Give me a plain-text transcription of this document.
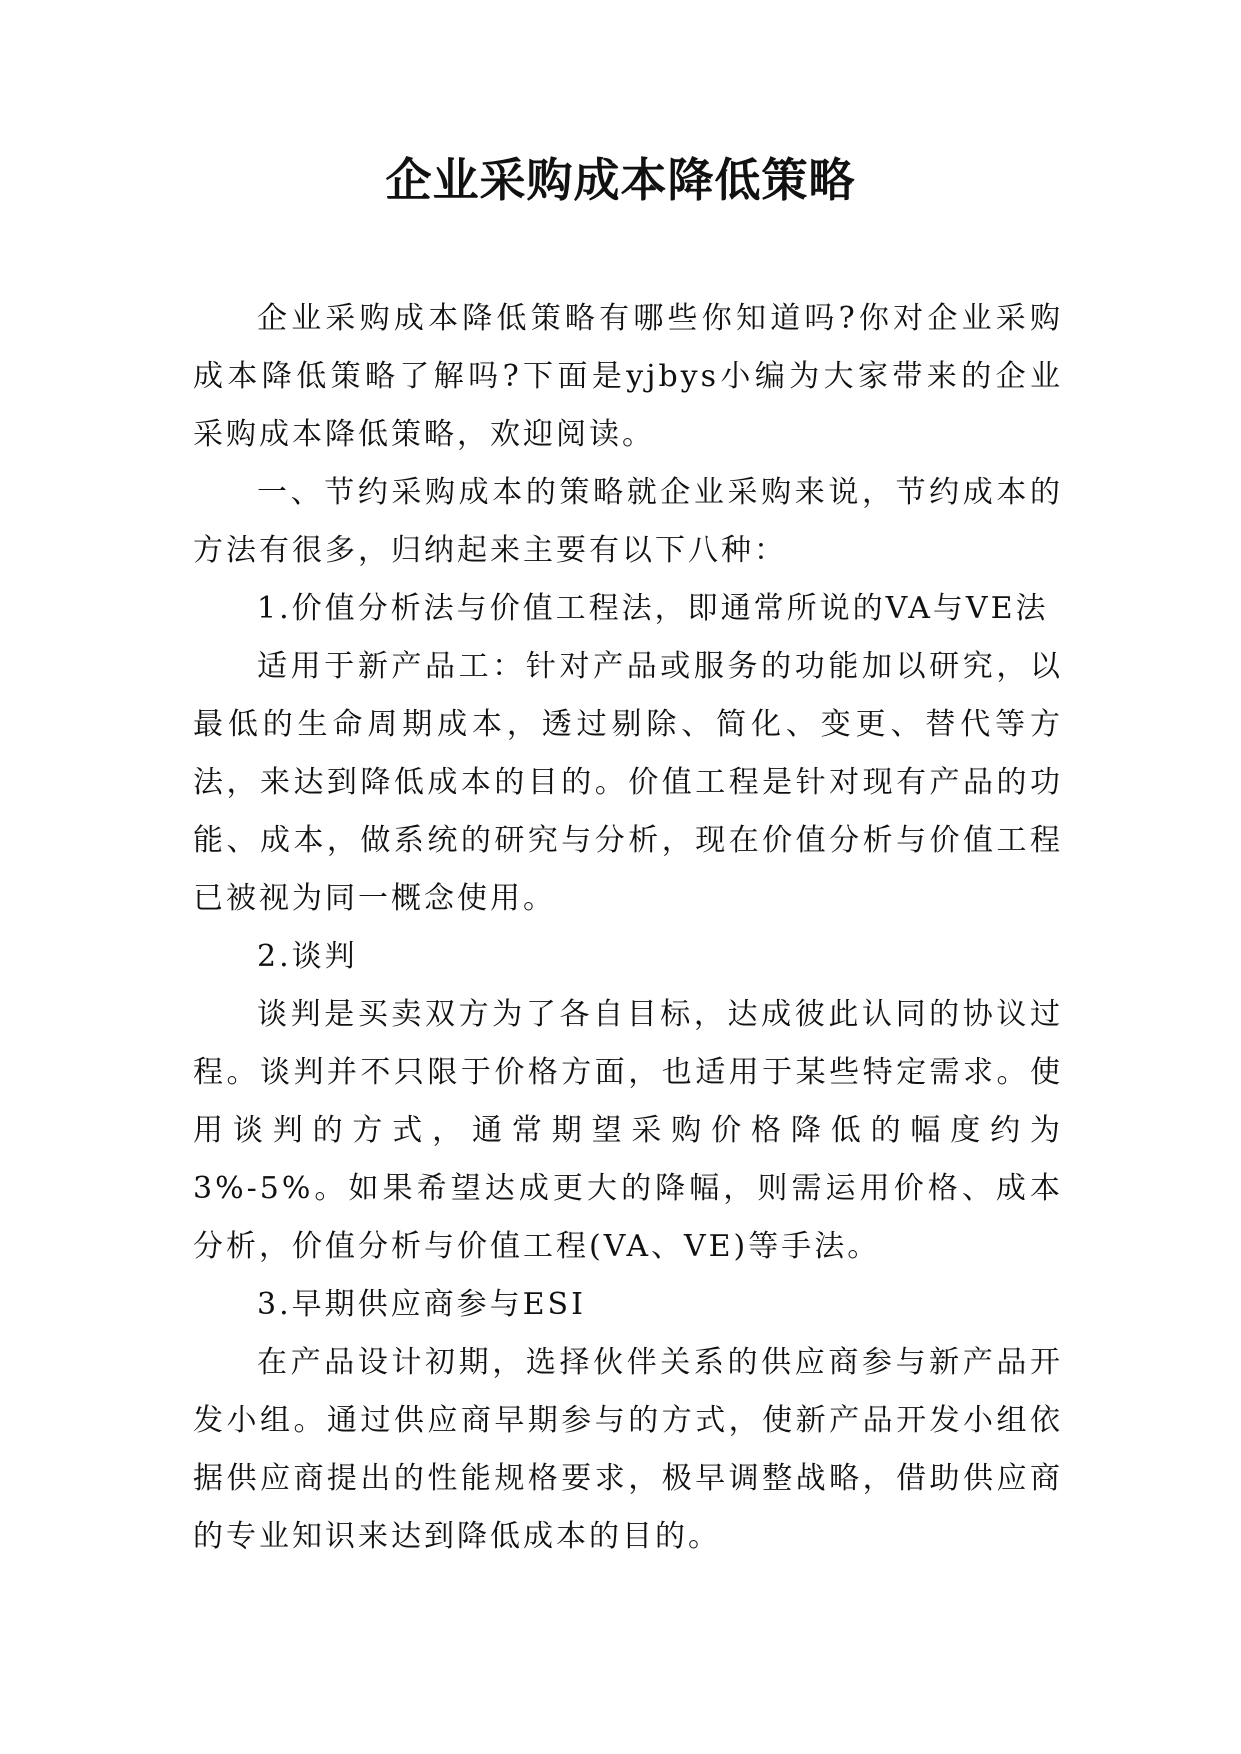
企业采购成本降低策略

企业采购成本降低策略有哪些你知道吗?你对企业采购成本降低策略了解吗?下面是yjbys小编为大家带来的企业采购成本降低策略，欢迎阅读。

一、节约采购成本的策略就企业采购来说，节约成本的方法有很多，归纳起来主要有以下八种：

1.价值分析法与价值工程法，即通常所说的VA与VE法

适用于新产品工：针对产品或服务的功能加以研究，以最低的生命周期成本，透过剔除、简化、变更、替代等方法，来达到降低成本的目的。价值工程是针对现有产品的功能、成本，做系统的研究与分析，现在价值分析与价值工程已被视为同一概念使用。

2.谈判

谈判是买卖双方为了各自目标，达成彼此认同的协议过程。谈判并不只限于价格方面，也适用于某些特定需求。使用谈判的方式，通常期望采购价格降低的幅度约为3%-5%。如果希望达成更大的降幅，则需运用价格、成本分析，价值分析与价值工程(VA、VE)等手法。

3.早期供应商参与ESI

在产品设计初期，选择伙伴关系的供应商参与新产品开发小组。通过供应商早期参与的方式，使新产品开发小组依据供应商提出的性能规格要求，极早调整战略，借助供应商的专业知识来达到降低成本的目的。
